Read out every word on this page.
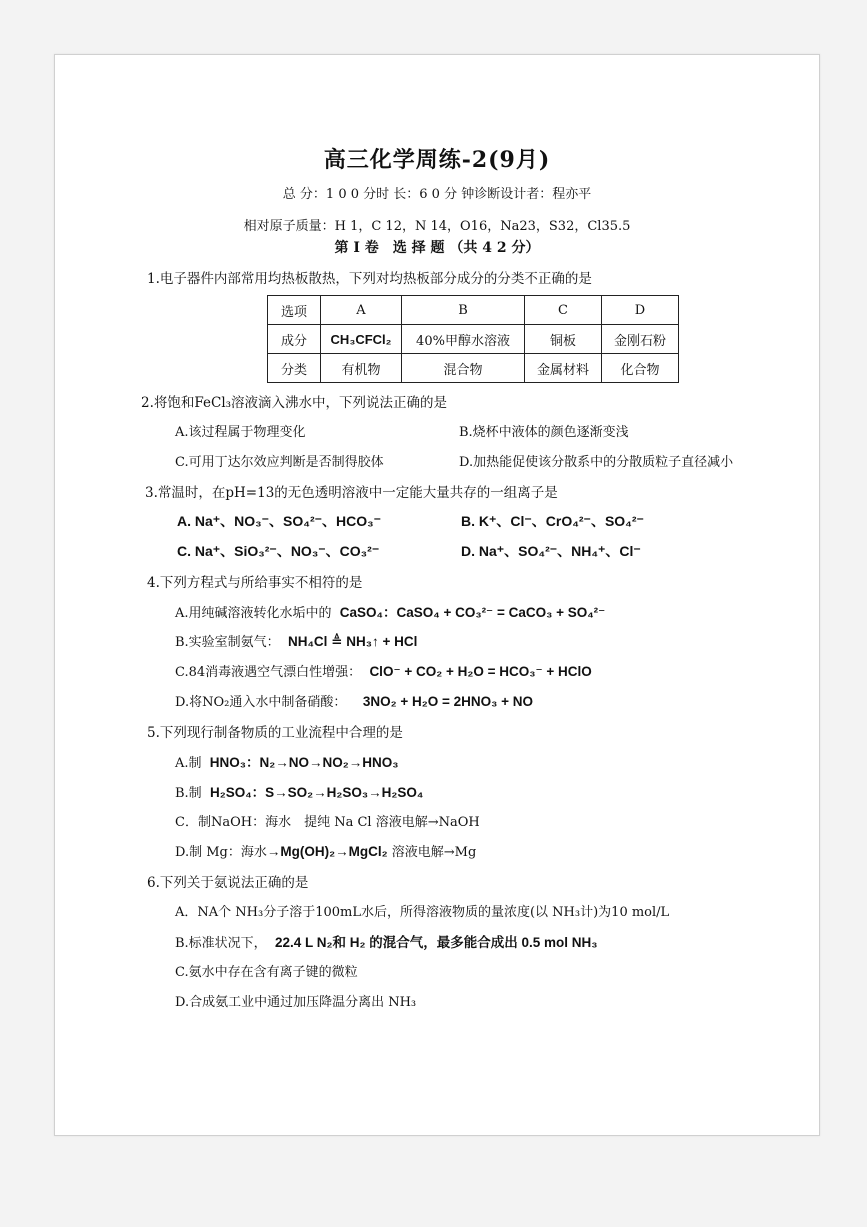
高三化学周练-2(9月)
总 分：1 0 0 分时 长：6 0 分 钟诊断设计者：程亦平
相对原子质量：H 1，C 12，N 14，O16，Na23，S32，Cl35.5
第 I 卷　选 择 题 （共 4 2 分）
1.电子器件内部常用均热板散热，下列对均热板部分成分的分类不正确的是
选项	A	B	C	D
成分	CH₃CFCl₂	40%甲醇水溶液	铜板	金刚石粉
分类	有机物	混合物	金属材料	化合物
2.将饱和FeCl₃溶液滴入沸水中，下列说法正确的是
A.该过程属于物理变化	B.烧杯中液体的颜色逐渐变浅
C.可用丁达尔效应判断是否制得胶体	D.加热能促使该分散系中的分散质粒子直径减小
3.常温时，在pH=13的无色透明溶液中一定能大量共存的一组离子是
A. Na⁺、NO₃⁻、SO₄²⁻、HCO₃⁻	B. K⁺、Cl⁻、CrO₄²⁻、SO₄²⁻
C. Na⁺、SiO₃²⁻、NO₃⁻、CO₃²⁻	D. Na⁺、SO₄²⁻、NH₄⁺、Cl⁻
4.下列方程式与所给事实不相符的是
A.用纯碱溶液转化水垢中的 CaSO₄：CaSO₄ + CO₃²⁻ = CaCO₃ + SO₄²⁻
B.实验室制氨气： NH₄Cl ≜ NH₃↑ + HCl
C.84消毒液遇空气漂白性增强： ClO⁻ + CO₂ + H₂O = HCO₃⁻ + HClO
D.将NO₂通入水中制备硝酸： 3NO₂ + H₂O = 2HNO₃ + NO
5.下列现行制备物质的工业流程中合理的是
A.制 HNO₃：N₂→NO→NO₂→HNO₃
B.制 H₂SO₄：S→SO₂→H₂SO₃→H₂SO₄
C．制NaOH：海水　提纯 Na Cl 溶液电解→NaOH
D.制 Mg：海水→Mg(OH)₂→MgCl₂ 溶液电解→Mg
6.下列关于氨说法正确的是
A．NA个 NH₃分子溶于100mL水后，所得溶液物质的量浓度(以 NH₃计)为10 mol/L
B.标准状况下， 22.4 L N₂和 H₂ 的混合气，最多能合成出 0.5 mol NH₃
C.氨水中存在含有离子键的微粒
D.合成氨工业中通过加压降温分离出 NH₃
